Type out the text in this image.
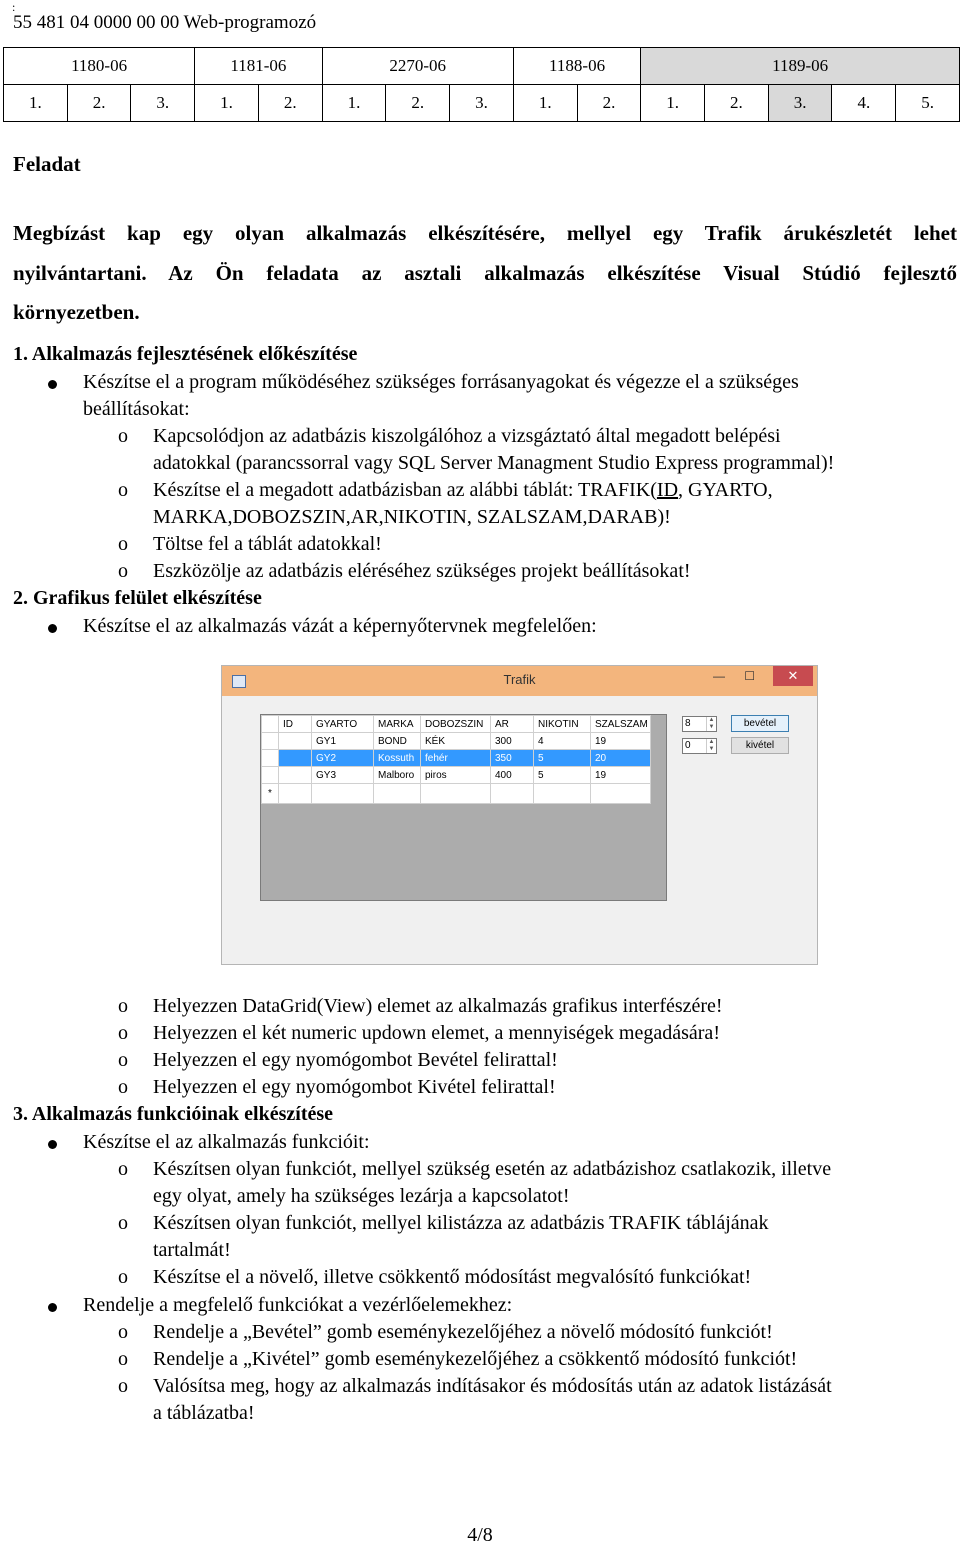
:
55 481 04 0000 00 00 Web-programozó
1180-06			1181-06		2270-06			1188-06		1189-06				
1.	2.	3.	1.	2.	1.	2.	3.	1.	2.	1.	2.	3.	4.	5.
Feladat
Megbízást kap egy olyan alkalmazás elkészítésére, mellyel egy Trafik árukészletét lehet
nyilvántartani. Az Ön feladata az asztali alkalmazás elkészítése Visual Stúdió fejlesztő
környezetben.
1. Alkalmazás fejlesztésének előkészítése
Készítse el a program működéséhez szükséges forrásanyagokat és végezze el a szükséges
beállításokat:
o Kapcsolódjon az adatbázis kiszolgálóhoz a vizsgáztató által megadott belépési
adatokkal (parancssorral vagy SQL Server Managment Studio Express programmal)!
o Készítse el a megadott adatbázisban az alábbi táblát: TRAFIK(ID, GYARTO,
MARKA,DOBOZSZIN,AR,NIKOTIN, SZALSZAM,DARAB)!
o Töltse fel a táblát adatokkal!
o Eszközölje az adatbázis eléréséhez szükséges projekt beállításokat!
2. Grafikus felület elkészítése
Készítse el az alkalmazás vázát a képernyőtervnek megfelelően:
Trafik	— ☐	✕
	ID	GYARTO	MARKA	DOBOZSZIN	AR	NIKOTIN	SZALSZAM
		GY1	BOND	KÉK	300	4	19
		GY2	Kossuth	fehér	350	5	20
		GY3	Malboro	piros	400	5	19
*							
8	▲
▼
0	▲
▼
bevétel
kivétel
o Helyezzen DataGrid(View) elemet az alkalmazás grafikus interfészére!
o Helyezzen el két numeric updown elemet, a mennyiségek megadására!
o Helyezzen el egy nyomógombot Bevétel felirattal!
o Helyezzen el egy nyomógombot Kivétel felirattal!
3. Alkalmazás funkcióinak elkészítése
Készítse el az alkalmazás funkcióit:
o Készítsen olyan funkciót, mellyel szükség esetén az adatbázishoz csatlakozik, illetve
egy olyat, amely ha szükséges lezárja a kapcsolatot!
o Készítsen olyan funkciót, mellyel kilistázza az adatbázis TRAFIK táblájának
tartalmát!
o Készítse el a növelő, illetve csökkentő módosítást megvalósító funkciókat!
Rendelje a megfelelő funkciókat a vezérlőelemekhez:
o Rendelje a „Bevétel” gomb eseménykezelőjéhez a növelő módosító funkciót!
o Rendelje a „Kivétel” gomb eseménykezelőjéhez a csökkentő módosító funkciót!
o Valósítsa meg, hogy az alkalmazás indításakor és módosítás után az adatok listázását
a táblázatba!
4/8
